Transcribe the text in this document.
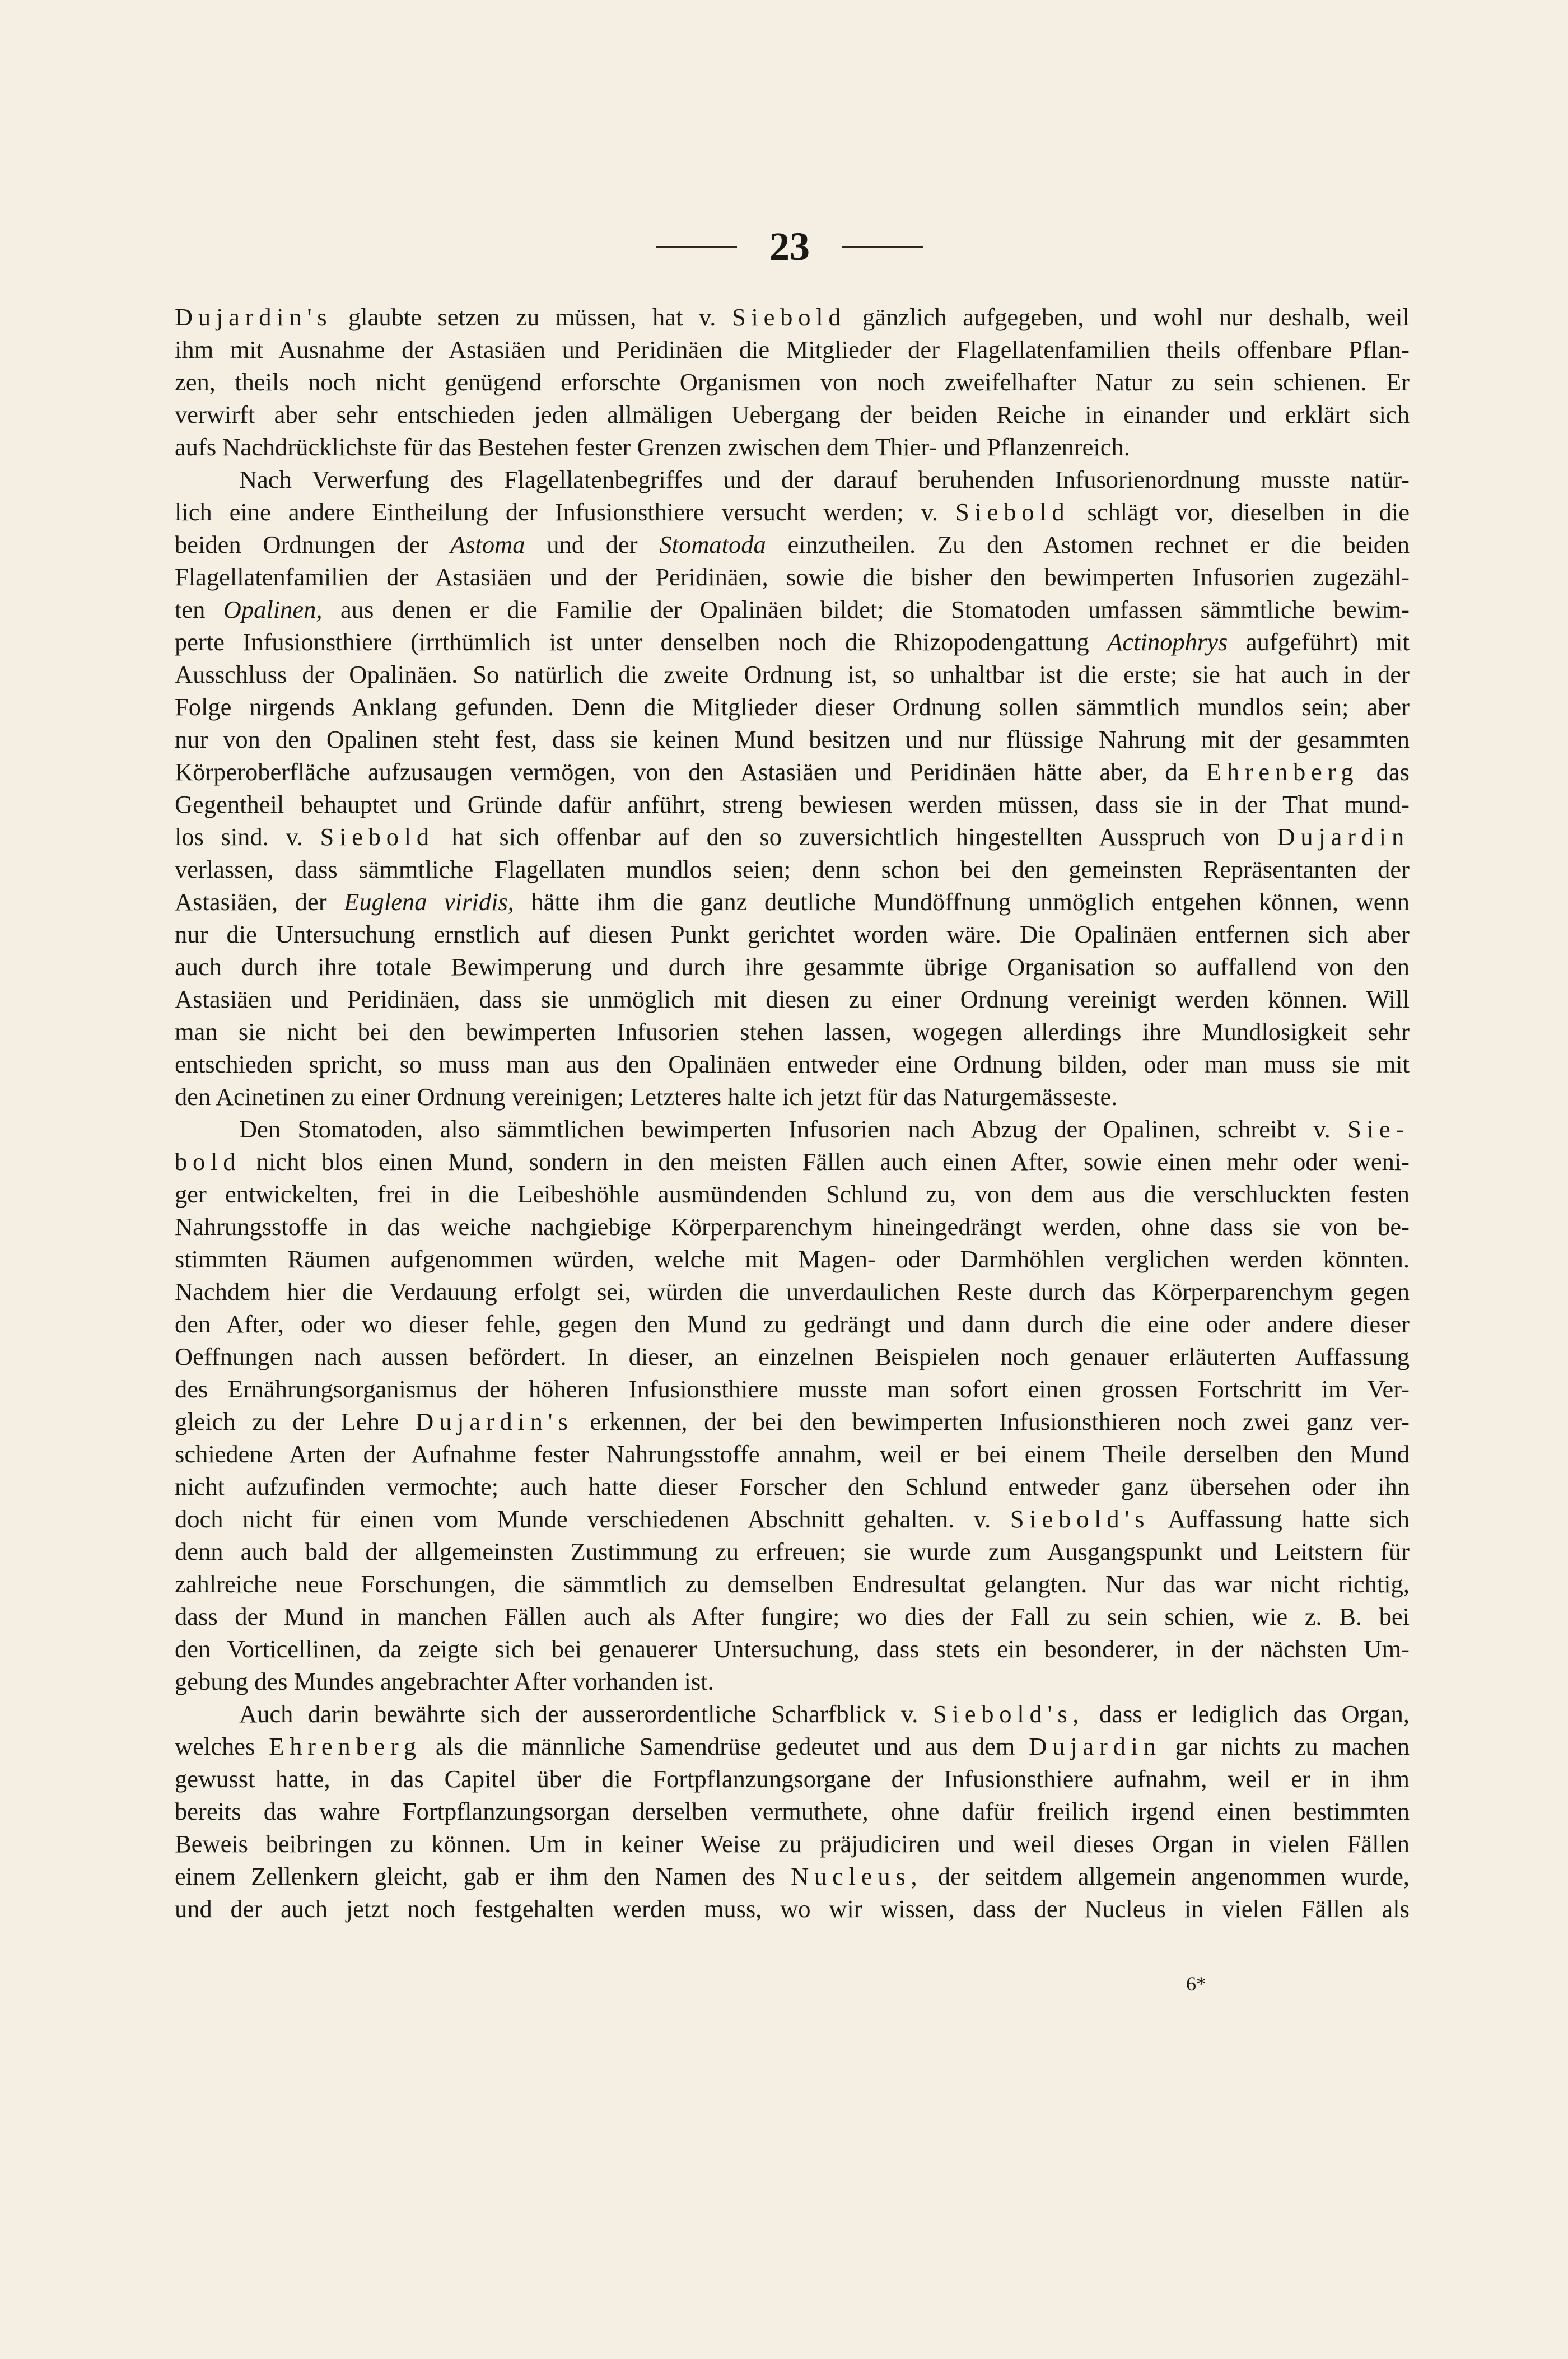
23
Dujardin's glaubte setzen zu müssen, hat v. Siebold gänzlich aufgegeben, und wohl nur deshalb, weil
ihm mit Ausnahme der Astasiäen und Peridinäen die Mitglieder der Flagellatenfamilien theils offenbare Pflan-
zen, theils noch nicht genügend erforschte Organismen von noch zweifelhafter Natur zu sein schienen. Er
verwirft aber sehr entschieden jeden allmäligen Uebergang der beiden Reiche in einander und erklärt sich
aufs Nachdrücklichste für das Bestehen fester Grenzen zwischen dem Thier- und Pflanzenreich.
Nach Verwerfung des Flagellatenbegriffes und der darauf beruhenden Infusorienordnung musste natür-
lich eine andere Eintheilung der Infusionsthiere versucht werden; v. Siebold schlägt vor, dieselben in die
beiden Ordnungen der Astoma und der Stomatoda einzutheilen. Zu den Astomen rechnet er die beiden
Flagellatenfamilien der Astasiäen und der Peridinäen, sowie die bisher den bewimperten Infusorien zugezähl-
ten Opalinen, aus denen er die Familie der Opalinäen bildet; die Stomatoden umfassen sämmtliche bewim-
perte Infusionsthiere (irrthümlich ist unter denselben noch die Rhizopodengattung Actinophrys aufgeführt) mit
Ausschluss der Opalinäen. So natürlich die zweite Ordnung ist, so unhaltbar ist die erste; sie hat auch in der
Folge nirgends Anklang gefunden. Denn die Mitglieder dieser Ordnung sollen sämmtlich mundlos sein; aber
nur von den Opalinen steht fest, dass sie keinen Mund besitzen und nur flüssige Nahrung mit der gesammten
Körperoberfläche aufzusaugen vermögen, von den Astasiäen und Peridinäen hätte aber, da Ehrenberg das
Gegentheil behauptet und Gründe dafür anführt, streng bewiesen werden müssen, dass sie in der That mund-
los sind. v. Siebold hat sich offenbar auf den so zuversichtlich hingestellten Ausspruch von Dujardin
verlassen, dass sämmtliche Flagellaten mundlos seien; denn schon bei den gemeinsten Repräsentanten der
Astasiäen, der Euglena viridis, hätte ihm die ganz deutliche Mundöffnung unmöglich entgehen können, wenn
nur die Untersuchung ernstlich auf diesen Punkt gerichtet worden wäre. Die Opalinäen entfernen sich aber
auch durch ihre totale Bewimperung und durch ihre gesammte übrige Organisation so auffallend von den
Astasiäen und Peridinäen, dass sie unmöglich mit diesen zu einer Ordnung vereinigt werden können. Will
man sie nicht bei den bewimperten Infusorien stehen lassen, wogegen allerdings ihre Mundlosigkeit sehr
entschieden spricht, so muss man aus den Opalinäen entweder eine Ordnung bilden, oder man muss sie mit
den Acinetinen zu einer Ordnung vereinigen; Letzteres halte ich jetzt für das Naturgemässeste.
Den Stomatoden, also sämmtlichen bewimperten Infusorien nach Abzug der Opalinen, schreibt v. Sie-
bold nicht blos einen Mund, sondern in den meisten Fällen auch einen After, sowie einen mehr oder weni-
ger entwickelten, frei in die Leibeshöhle ausmündenden Schlund zu, von dem aus die verschluckten festen
Nahrungsstoffe in das weiche nachgiebige Körperparenchym hineingedrängt werden, ohne dass sie von be-
stimmten Räumen aufgenommen würden, welche mit Magen- oder Darmhöhlen verglichen werden könnten.
Nachdem hier die Verdauung erfolgt sei, würden die unverdaulichen Reste durch das Körperparenchym gegen
den After, oder wo dieser fehle, gegen den Mund zu gedrängt und dann durch die eine oder andere dieser
Oeffnungen nach aussen befördert. In dieser, an einzelnen Beispielen noch genauer erläuterten Auffassung
des Ernährungsorganismus der höheren Infusionsthiere musste man sofort einen grossen Fortschritt im Ver-
gleich zu der Lehre Dujardin's erkennen, der bei den bewimperten Infusionsthieren noch zwei ganz ver-
schiedene Arten der Aufnahme fester Nahrungsstoffe annahm, weil er bei einem Theile derselben den Mund
nicht aufzufinden vermochte; auch hatte dieser Forscher den Schlund entweder ganz übersehen oder ihn
doch nicht für einen vom Munde verschiedenen Abschnitt gehalten. v. Siebold's Auffassung hatte sich
denn auch bald der allgemeinsten Zustimmung zu erfreuen; sie wurde zum Ausgangspunkt und Leitstern für
zahlreiche neue Forschungen, die sämmtlich zu demselben Endresultat gelangten. Nur das war nicht richtig,
dass der Mund in manchen Fällen auch als After fungire; wo dies der Fall zu sein schien, wie z. B. bei
den Vorticellinen, da zeigte sich bei genauerer Untersuchung, dass stets ein besonderer, in der nächsten Um-
gebung des Mundes angebrachter After vorhanden ist.
Auch darin bewährte sich der ausserordentliche Scharfblick v. Siebold's, dass er lediglich das Organ,
welches Ehrenberg als die männliche Samendrüse gedeutet und aus dem Dujardin gar nichts zu machen
gewusst hatte, in das Capitel über die Fortpflanzungsorgane der Infusionsthiere aufnahm, weil er in ihm
bereits das wahre Fortpflanzungsorgan derselben vermuthete, ohne dafür freilich irgend einen bestimmten
Beweis beibringen zu können. Um in keiner Weise zu präjudiciren und weil dieses Organ in vielen Fällen
einem Zellenkern gleicht, gab er ihm den Namen des Nucleus, der seitdem allgemein angenommen wurde,
und der auch jetzt noch festgehalten werden muss, wo wir wissen, dass der Nucleus in vielen Fällen als
6*
